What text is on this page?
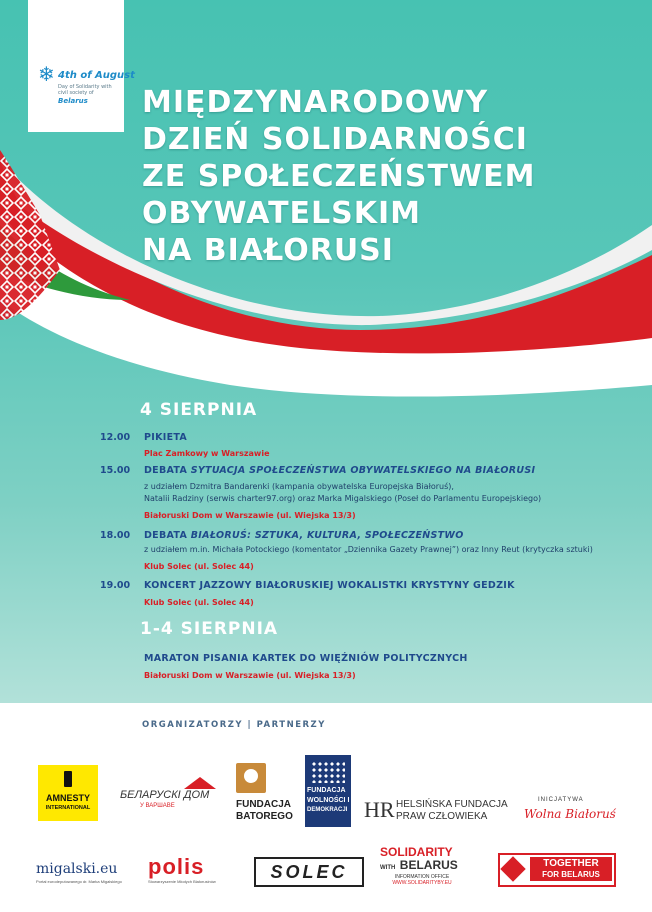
❄ 4th of August
Day of Solidarity with civil society of
Belarus MIĘDZYNARODOWY
DZIEŃ SOLIDARNOŚCI
ZE SPOŁECZEŃSTWEM
OBYWATELSKIM
NA BIAŁORUSI
4 SIERPNIA
12.00 PIKIETA
Plac Zamkowy w Warszawie
15.00 DEBATA SYTUACJA SPOŁECZEŃSTWA OBYWATELSKIEGO NA BIAŁORUSI
z udziałem Dzmitra Bandarenki (kampania obywatelska Europejska Białoruś),
Natalii Radziny (serwis charter97.org) oraz Marka Migalskiego (Poseł do Parlamentu Europejskiego)
Białoruski Dom w Warszawie (ul. Wiejska 13/3)
18.00 DEBATA BIAŁORUŚ: SZTUKA, KULTURA, SPOŁECZEŃSTWO
z udziałem m.in. Michała Potockiego (komentator „Dziennika Gazety Prawnej”) oraz Inny Reut (krytyczka sztuki)
Klub Solec (ul. Solec 44)
19.00 KONCERT JAZZOWY BIAŁORUSKIEJ WOKALISTKI KRYSTYNY GEDZIK
Klub Solec (ul. Solec 44)
1-4 SIERPNIA
MARATON PISANIA KARTEK DO WIĘŹNIÓW POLITYCZNYCH
Białoruski Dom w Warszawie (ul. Wiejska 13/3)
ORGANIZATORZY | PARTNERZY
AMNESTY
INTERNATIONAL
БЕЛАРУСКІ ДОМ
У ВАРШАВЕ	FUNDACJA
BATOREGO
FUNDACJA
WOLNOŚCI I
DEMOKRACJI HR HELSIŃSKA FUNDACJA
PRAW CZŁOWIEKA
INICJATYWA
Wolna Białoruś
migalski.eu
Portal eurodeputowanego dr. Marka Migalskiego
polis
Stowarzyszenie Młodych Białorusinów	SOLEC
SOLIDARITY
WITH BELARUS
INFORMATION OFFICE
WWW.SOLIDARITYBY.EU
TOGETHER
FOR BELARUS
